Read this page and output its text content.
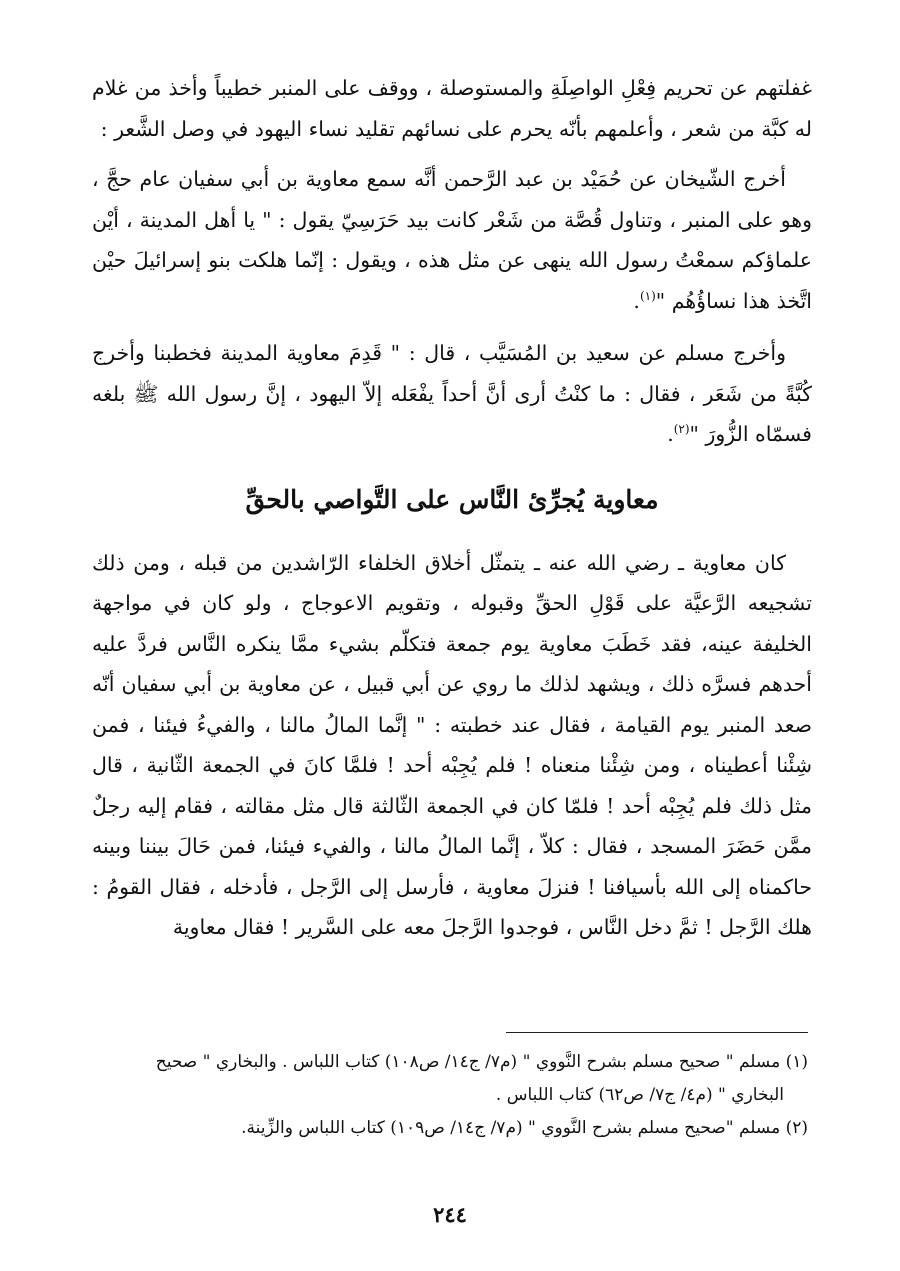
غفلتهم عن تحريم فِعْلِ الواصِلَةِ والمستوصلة ، ووقف على المنبر خطيباً وأخذ من غلام له كبَّة من شعر ، وأعلمهم بأنّه يحرم على نسائهم تقليد نساء اليهود في وصل الشَّعر :

أخرج الشّيخان عن حُمَيْد بن عبد الرَّحمن أنَّه سمع معاوية بن أبي سفيان عام حجَّ ، وهو على المنبر ، وتناول قُصَّة من شَعْر كانت بيد حَرَسِيّ يقول : " يا أهل المدينة ، أيْن علماؤكم سمعْتُ رسول الله ينهى عن مثل هذه ، ويقول : إنّما هلكت بنو إسرائيلَ حيْن اتَّخذ هذا نساؤُهُم "$^{(١)}$.

وأخرج مسلم عن سعيد بن المُسَيَّب ، قال : " قَدِمَ معاوية المدينة فخطبنا وأخرج كُبَّةً من شَعَر ، فقال : ما كنْتُ أرى أنَّ أحداً يفْعَله إلاّ اليهود ، إنَّ رسول الله ﷺ بلغه فسمّاه الزُّورَ "$^{(٢)}$.

معاوية يُجرِّئ النَّاس على التَّواصي بالحقِّ

كان معاوية ـ رضي الله عنه ـ يتمثّل أخلاق الخلفاء الرّاشدين من قبله ، ومن ذلك تشجيعه الرَّعيَّة على قَوْلِ الحقِّ وقبوله ، وتقويم الاعوجاج ، ولو كان في مواجهة الخليفة عينه، فقد خَطَبَ معاوية يوم جمعة فتكلّم بشيء ممَّا ينكره النَّاس فردَّ عليه أحدهم فسرَّه ذلك ، ويشهد لذلك ما روي عن أبي قبيل ، عن معاوية بن أبي سفيان أنّه صعد المنبر يوم القيامة ، فقال عند خطبته : " إنَّما المالُ مالنا ، والفيءُ فيئنا ، فمن شِئْنا أعطيناه ، ومن شِئْنا منعناه ! فلم يُجِبْه أحد ! فلمَّا كانَ في الجمعة الثّانية ، قال مثل ذلك فلم يُجِبْه أحد ! فلمّا كان في الجمعة الثّالثة قال مثل مقالته ، فقام إليه رجلٌ ممَّن حَضَرَ المسجد ، فقال : كلاّ ، إنَّما المالُ مالنا ، والفيء فيئنا، فمن حَالَ بيننا وبينه حاكمناه إلى الله بأسيافنا ! فنزلَ معاوية ، فأرسل إلى الرَّجل ، فأدخله ، فقال القومُ : هلك الرَّجل ! ثمَّ دخل النَّاس ، فوجدوا الرَّجلَ معه على السَّرير ! فقال معاوية

(١) مسلم " صحيح مسلم بشرح النَّووي " (م٧/ ج١٤/ ص١٠٨) كتاب اللباس . والبخاري " صحيح
البخاري " (م٤/ ج٧/ ص٦٢) كتاب اللباس .

(٢) مسلم "صحيح مسلم بشرح النَّووي " (م٧/ ج١٤/ ص١٠٩) كتاب اللباس والزِّينة.

٢٤٤
